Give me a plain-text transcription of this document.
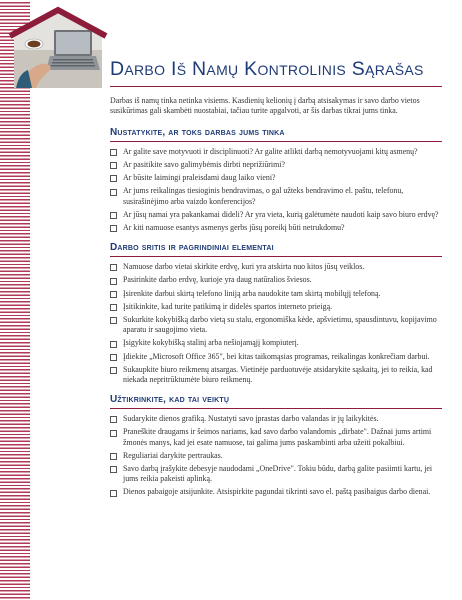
Darbo Iš Namų Kontrolinis Sąrašas

Darbas iš namų tinka netinka visiems. Kasdienių kelionių į darbą atsisakymas ir savo darbo vietos susikūrimas gali skambėti nuostabiai, tačiau turite apgalvoti, ar šis darbas tikrai jums tinka.

Nustatykite, ar toks darbas jums tinka
Ar galite save motyvuoti ir disciplinuoti? Ar galite atlikti darbą nemotyvuojami kitų asmenų?
Ar pasitikite savo galimybėmis dirbti neprižiūrimi?
Ar būsite laimingi praleisdami daug laiko vieni?
Ar jums reikalingas tiesioginis bendravimas, o gal užteks bendravimo el. paštu, telefonu, susirašinėjimo arba vaizdo konferencijos?
Ar jūsų namai yra pakankamai dideli? Ar yra vieta, kurią galėtumėte naudoti kaip savo biuro erdvę?
Ar kiti namuose esantys asmenys gerbs jūsų poreikį būti netrukdomu?
Darbo sritis ir pagrindiniai elementai
Namuose darbo vietai skirkite erdvę, kuri yra atskirta nuo kitos jūsų veiklos.
Pasirinkite darbo erdvę, kurioje yra daug natūralios šviesos.
Įsirenkite darbui skirtą telefono liniją arba naudokite tam skirtą mobilųjį telefoną.
Įsitikinkite, kad turite patikimą ir didelės spartos interneto prieigą.
Sukurkite kokybišką darbo vietą su stalu, ergonomiška kėde, apšvietimu, spausdintuvu, kopijavimo aparatu ir saugojimo vieta.
Įsigykite kokybišką stalinį arba nešiojamąjį kompiuterį.
Įdiekite „Microsoft Office 365", bei kitas taikomąsias programas, reikalingas konkrečiam darbui.
Sukaupkite biuro reikmenų atsargas. Vietinėje parduotuvėje atsidarykite sąskaitą, jei to reikia, kad niekada nepritrūktumėte biuro reikmenų.
Užtikrinkite, kad tai veiktų
Sudarykite dienos grafiką. Nustatyti savo įprastas darbo valandas ir jų laikykitės.
Praneškite draugams ir šeimos nariams, kad savo darbo valandomis „dirbate". Dažnai jums artimi žmonės manys, kad jei esate namuose, tai galima jums paskambinti arba užeiti pokalbiui.
Reguliariai darykite pertraukas.
Savo darbą įrašykite debesyje naudodami „OneDrive". Tokiu būdu, darbą galite pasiimti kartu, jei jums reikia pakeisti aplinką.
Dienos pabaigoje atsijunkite. Atsispirkite pagundai tikrinti savo el. paštą pasibaigus darbo dienai.
